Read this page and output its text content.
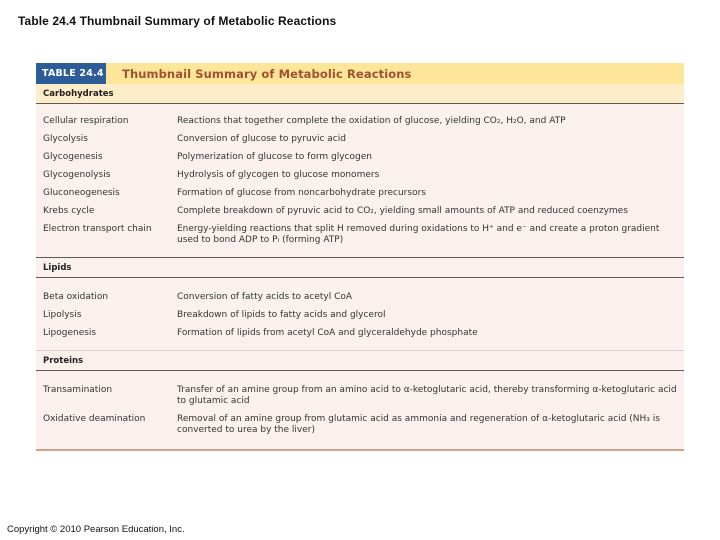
Table 24.4 Thumbnail Summary of Metabolic Reactions
TABLE 24.4	Thumbnail Summary of Metabolic Reactions
Carbohydrates
Cellular respiration	Reactions that together complete the oxidation of glucose, yielding CO₂, H₂O, and ATP
Glycolysis	Conversion of glucose to pyruvic acid
Glycogenesis	Polymerization of glucose to form glycogen
Glycogenolysis	Hydrolysis of glycogen to glucose monomers
Gluconeogenesis	Formation of glucose from noncarbohydrate precursors
Krebs cycle	Complete breakdown of pyruvic acid to CO₂, yielding small amounts of ATP and reduced coenzymes
Electron transport chain	Energy-yielding reactions that split H removed during oxidations to H⁺ and e⁻ and create a proton gradient used to bond ADP to Pᵢ (forming ATP)
Lipids
Beta oxidation	Conversion of fatty acids to acetyl CoA
Lipolysis	Breakdown of lipids to fatty acids and glycerol
Lipogenesis	Formation of lipids from acetyl CoA and glyceraldehyde phosphate
Proteins
Transamination	Transfer of an amine group from an amino acid to α-ketoglutaric acid, thereby transforming α-ketoglutaric acid to glutamic acid
Oxidative deamination	Removal of an amine group from glutamic acid as ammonia and regeneration of α-ketoglutaric acid (NH₃ is converted to urea by the liver)
Copyright © 2010 Pearson Education, Inc.
